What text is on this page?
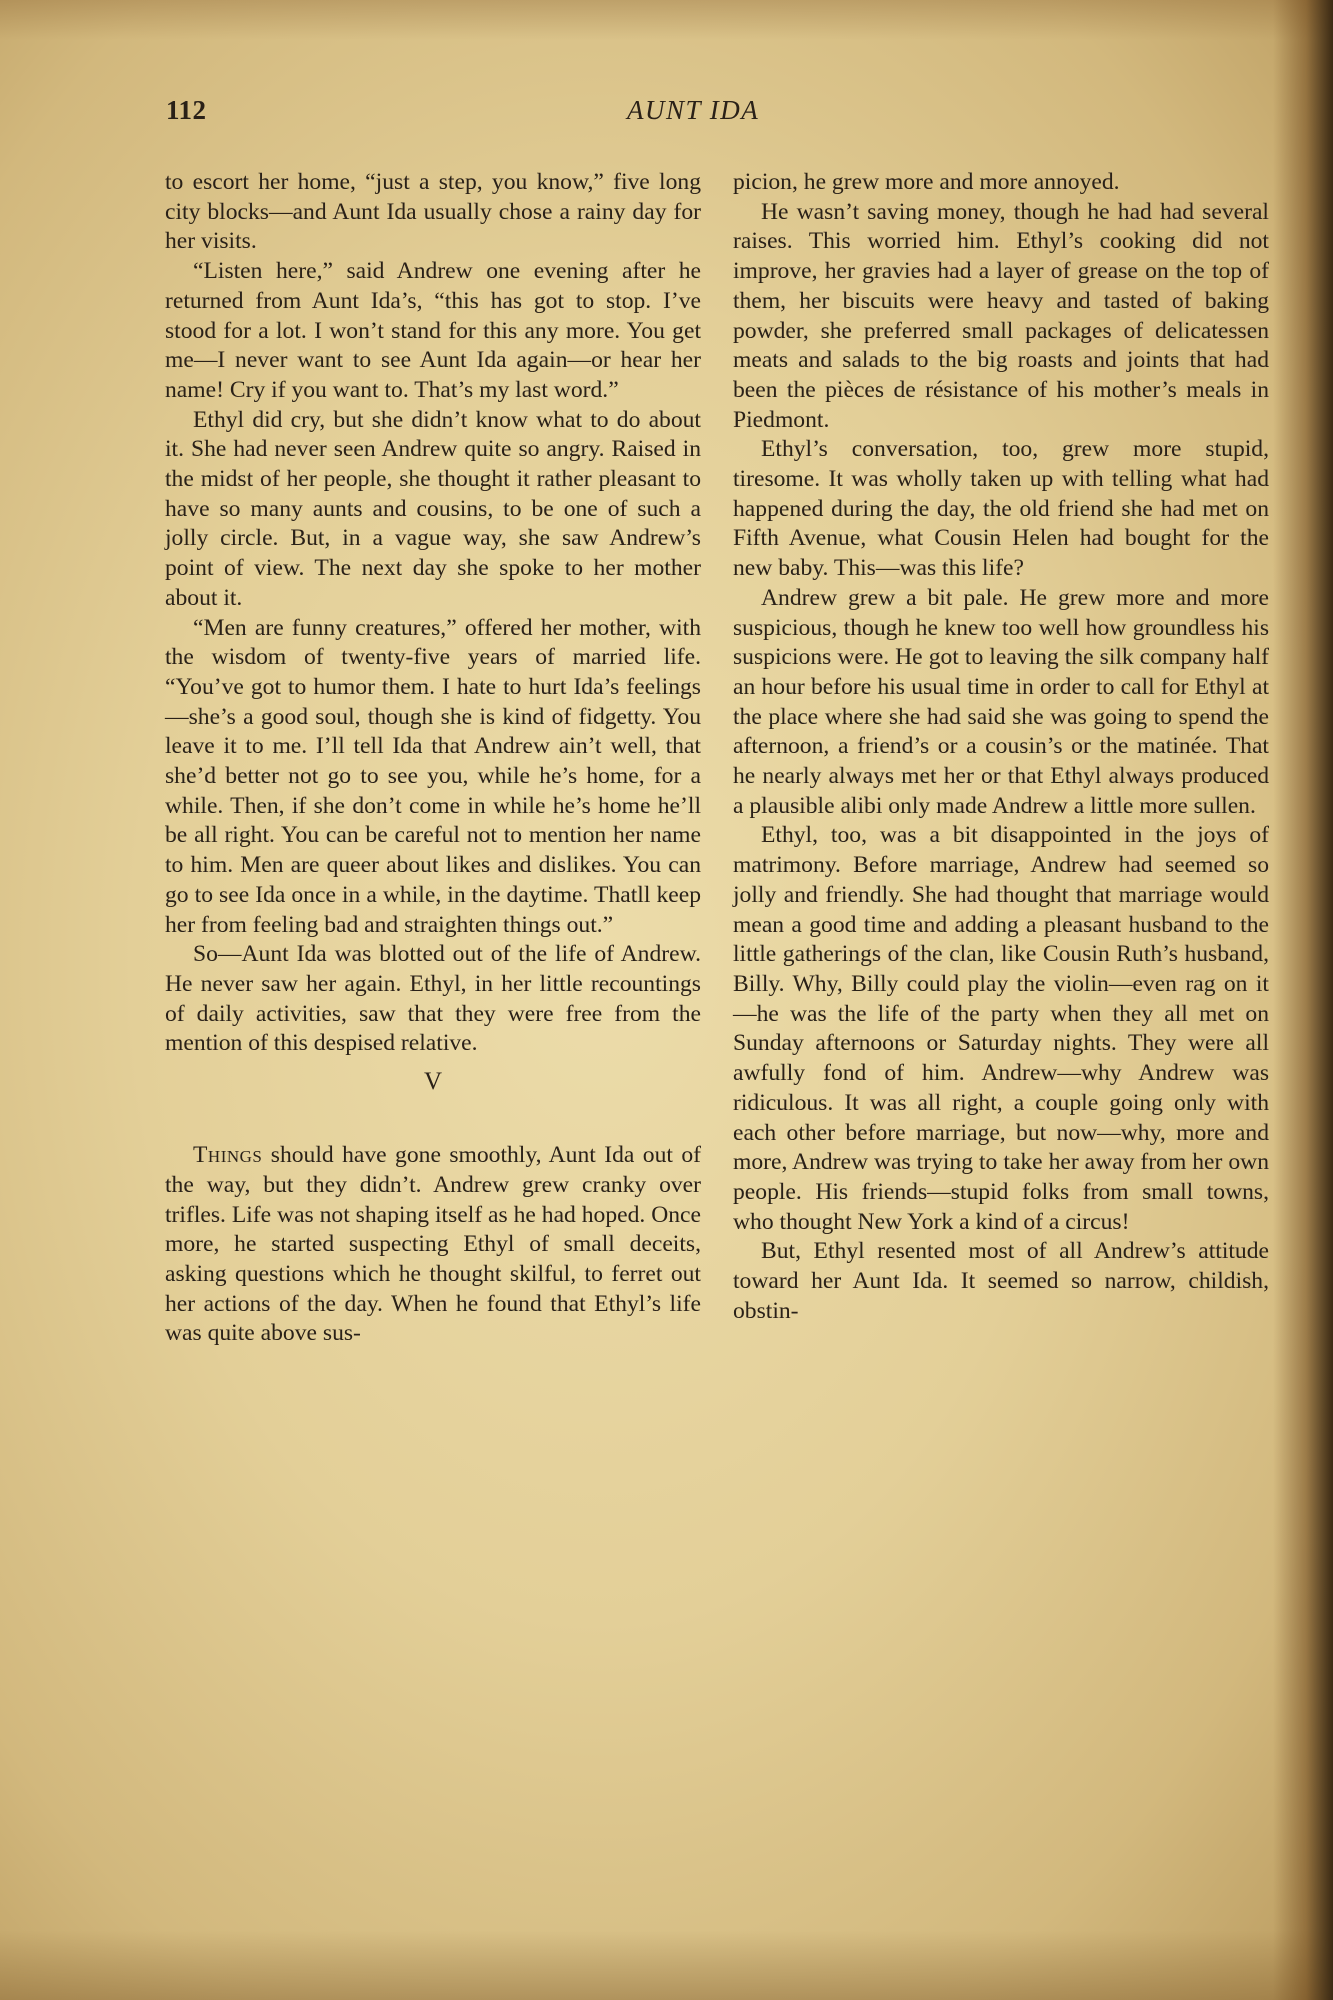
112	AUNT IDA

to escort her home, “just a step, you know,” five long city blocks—and Aunt Ida usually chose a rainy day for her visits.

“Listen here,” said Andrew one evening after he returned from Aunt Ida’s, “this has got to stop. I’ve stood for a lot. I won’t stand for this any more. You get me—I never want to see Aunt Ida again—or hear her name! Cry if you want to. That’s my last word.”

Ethyl did cry, but she didn’t know what to do about it. She had never seen Andrew quite so angry. Raised in the midst of her people, she thought it rather pleasant to have so many aunts and cousins, to be one of such a jolly circle. But, in a vague way, she saw Andrew’s point of view. The next day she spoke to her mother about it.

“Men are funny creatures,” offered her mother, with the wisdom of twenty-five years of married life. “You’ve got to humor them. I hate to hurt Ida’s feelings—she’s a good soul, though she is kind of fidgetty. You leave it to me. I’ll tell Ida that Andrew ain’t well, that she’d better not go to see you, while he’s home, for a while. Then, if she don’t come in while he’s home he’ll be all right. You can be careful not to mention her name to him. Men are queer about likes and dislikes. You can go to see Ida once in a while, in the daytime. Thatll keep her from feeling bad and straighten things out.”

So—Aunt Ida was blotted out of the life of Andrew. He never saw her again. Ethyl, in her little recountings of daily activities, saw that they were free from the mention of this despised relative.

V

Things should have gone smoothly, Aunt Ida out of the way, but they didn’t. Andrew grew cranky over trifles. Life was not shaping itself as he had hoped. Once more, he started suspecting Ethyl of small deceits, asking questions which he thought skilful, to ferret out her actions of the day. When he found that Ethyl’s life was quite above sus-

picion, he grew more and more annoyed.

He wasn’t saving money, though he had had several raises. This worried him. Ethyl’s cooking did not improve, her gravies had a layer of grease on the top of them, her biscuits were heavy and tasted of baking powder, she preferred small packages of delicatessen meats and salads to the big roasts and joints that had been the pièces de résistance of his mother’s meals in Piedmont.

Ethyl’s conversation, too, grew more stupid, tiresome. It was wholly taken up with telling what had happened during the day, the old friend she had met on Fifth Avenue, what Cousin Helen had bought for the new baby. This—was this life?

Andrew grew a bit pale. He grew more and more suspicious, though he knew too well how groundless his suspicions were. He got to leaving the silk company half an hour before his usual time in order to call for Ethyl at the place where she had said she was going to spend the afternoon, a friend’s or a cousin’s or the matinée. That he nearly always met her or that Ethyl always produced a plausible alibi only made Andrew a little more sullen.

Ethyl, too, was a bit disappointed in the joys of matrimony. Before marriage, Andrew had seemed so jolly and friendly. She had thought that marriage would mean a good time and adding a pleasant husband to the little gatherings of the clan, like Cousin Ruth’s husband, Billy. Why, Billy could play the violin—even rag on it—he was the life of the party when they all met on Sunday afternoons or Saturday nights. They were all awfully fond of him. Andrew—why Andrew was ridiculous. It was all right, a couple going only with each other before marriage, but now—why, more and more, Andrew was trying to take her away from her own people. His friends—stupid folks from small towns, who thought New York a kind of a circus!

But, Ethyl resented most of all Andrew’s attitude toward her Aunt Ida. It seemed so narrow, childish, obstin-
